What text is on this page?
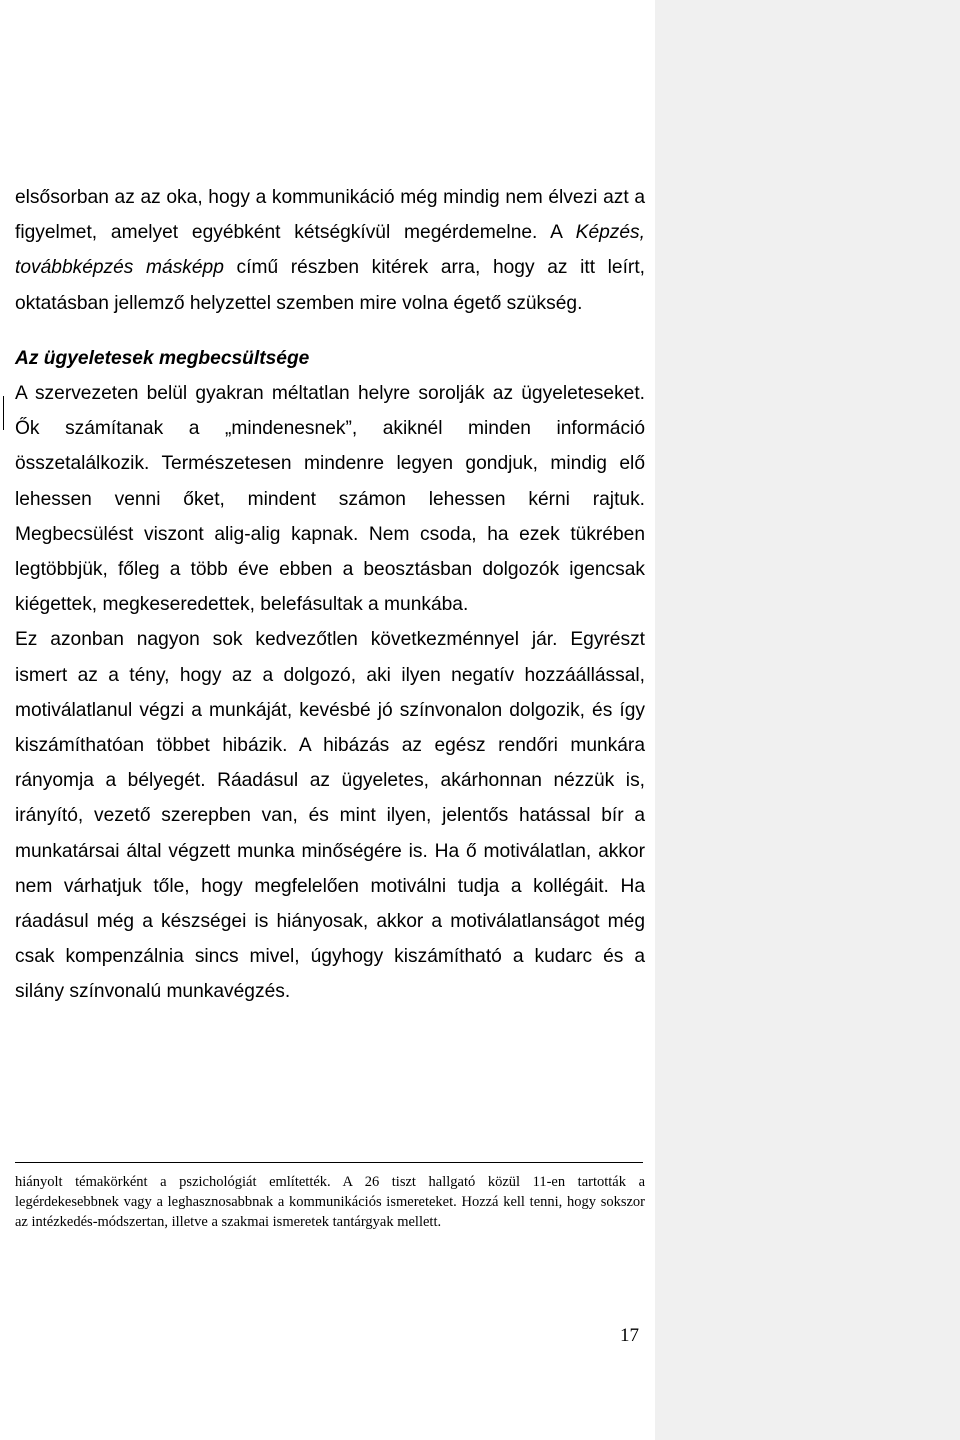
elsősorban az az oka, hogy a kommunikáció még mindig nem élvezi azt a figyelmet, amelyet egyébként kétségkívül megérdemelne. A Képzés, továbbképzés másképp című részben kitérek arra, hogy az itt leírt, oktatásban jellemző helyzettel szemben mire volna égető szükség.

Az ügyeletesek megbecsültsége

A szervezeten belül gyakran méltatlan helyre sorolják az ügyeleteseket. Ők számítanak a „mindenesnek”, akiknél minden információ összetalálkozik. Természetesen mindenre legyen gondjuk, mindig elő lehessen venni őket, mindent számon lehessen kérni rajtuk. Megbecsülést viszont alig-alig kapnak. Nem csoda, ha ezek tükrében legtöbbjük, főleg a több éve ebben a beosztásban dolgozók igencsak kiégettek, megkeseredettek, belefásultak a munkába.

Ez azonban nagyon sok kedvezőtlen következménnyel jár. Egyrészt ismert az a tény, hogy az a dolgozó, aki ilyen negatív hozzáállással, motiválatlanul végzi a munkáját, kevésbé jó színvonalon dolgozik, és így kiszámíthatóan többet hibázik. A hibázás az egész rendőri munkára rányomja a bélyegét. Ráadásul az ügyeletes, akárhonnan nézzük is, irányító, vezető szerepben van, és mint ilyen, jelentős hatással bír a munkatársai által végzett munka minőségére is. Ha ő motiválatlan, akkor nem várhatjuk tőle, hogy megfelelően motiválni tudja a kollégáit. Ha ráadásul még a készségei is hiányosak, akkor a motiválatlanságot még csak kompenzálnia sincs mivel, úgyhogy kiszámítható a kudarc és a silány színvonalú munkavégzés.

hiányolt témakörként a pszichológiát említették. A 26 tiszt hallgató közül 11-en tartották a legérdekesebbnek vagy a leghasznosabbnak a kommunikációs ismereteket. Hozzá kell tenni, hogy sokszor az intézkedés-módszertan, illetve a szakmai ismeretek tantárgyak mellett.

17
